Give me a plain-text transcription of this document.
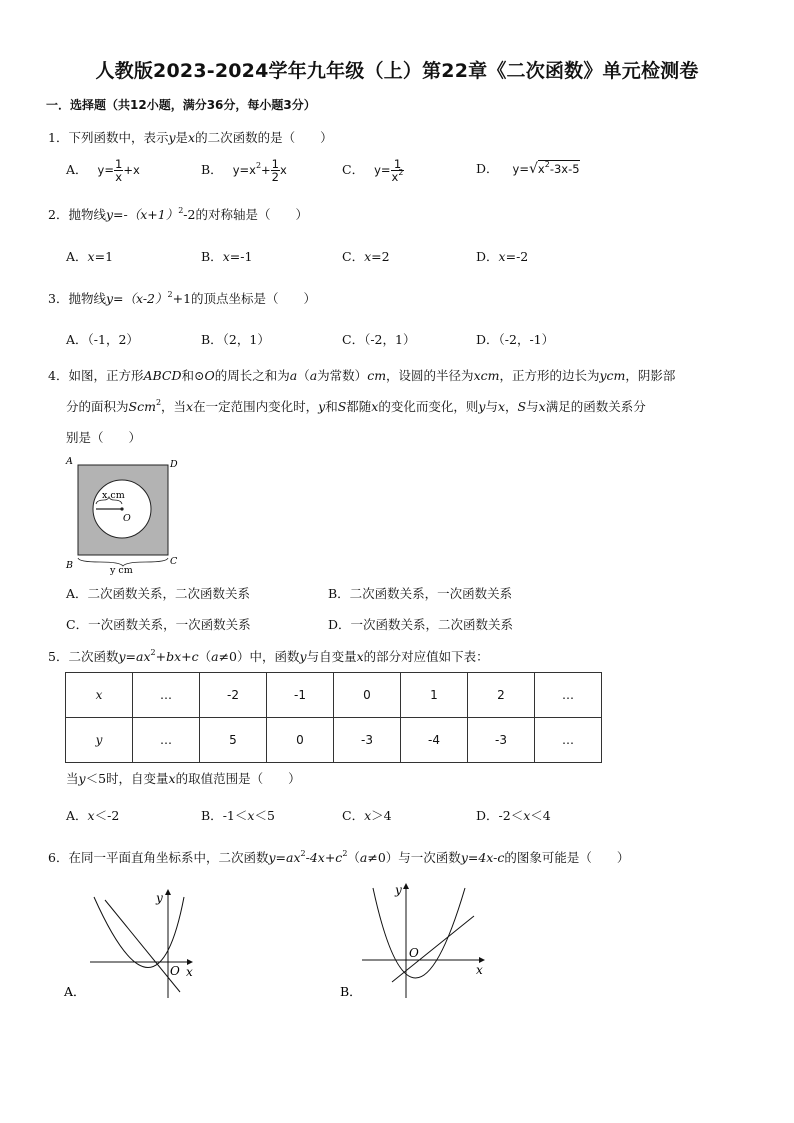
人教版2023-2024学年九年级（上）第22章《二次函数》单元检测卷
一．选择题（共12小题，满分36分，每小题3分）
1．下列函数中，表示y是x的二次函数的是（　　）
A． $y= \frac{1}{x} +x$	B． $y=x^2+ \frac{1}{2}$ x	C． $y= \frac{1}{x^2}$	D． $y=√x^2-3x-5$
2．抛物线$y=-(x+1)^2-2$的对称轴是（　　）
A．x=1	B．x=-1	C．x=2	D．x=-2
3．抛物线$y=(x-2)^2+1$的顶点坐标是（　　）
A．（-1，2）	B．（2，1）	C．（-2，1）	D．（-2，-1）
4．如图，正方形ABCD和⊙O的周长之和为a（a为常数）cm，设圆的半径为xcm，正方形的边长为ycm，阴影部
分的面积为Scm$^2$，当x在一定范围内变化时，y和S都随x的变化而变化，则y与x，S与x满足的函数关系分
别是（　　）
x cm
O
A	D
B	C
y cm
A．二次函数关系，二次函数关系	B．二次函数关系，一次函数关系
C．一次函数关系，一次函数关系	D．一次函数关系，二次函数关系
5．二次函数$y=ax^2+bx+c(a\ne 0)$中，函数y与自变量x的部分对应值如下表：
x	…	-2	-1	0	1	2	…
y	…	5	0	-3	-4	-3	…
当y＜5时，自变量x的取值范围是（　　）
A．x＜-2	B．-1＜x＜5	C．x＞4	D．-2＜x＜4
6．在同一平面直角坐标系中，二次函数$y=ax^2-4x+c^2(a\ne 0)$与一次函数y=4x-c的图象可能是（　　）
y
x
O
A．
y
x
O
B．
